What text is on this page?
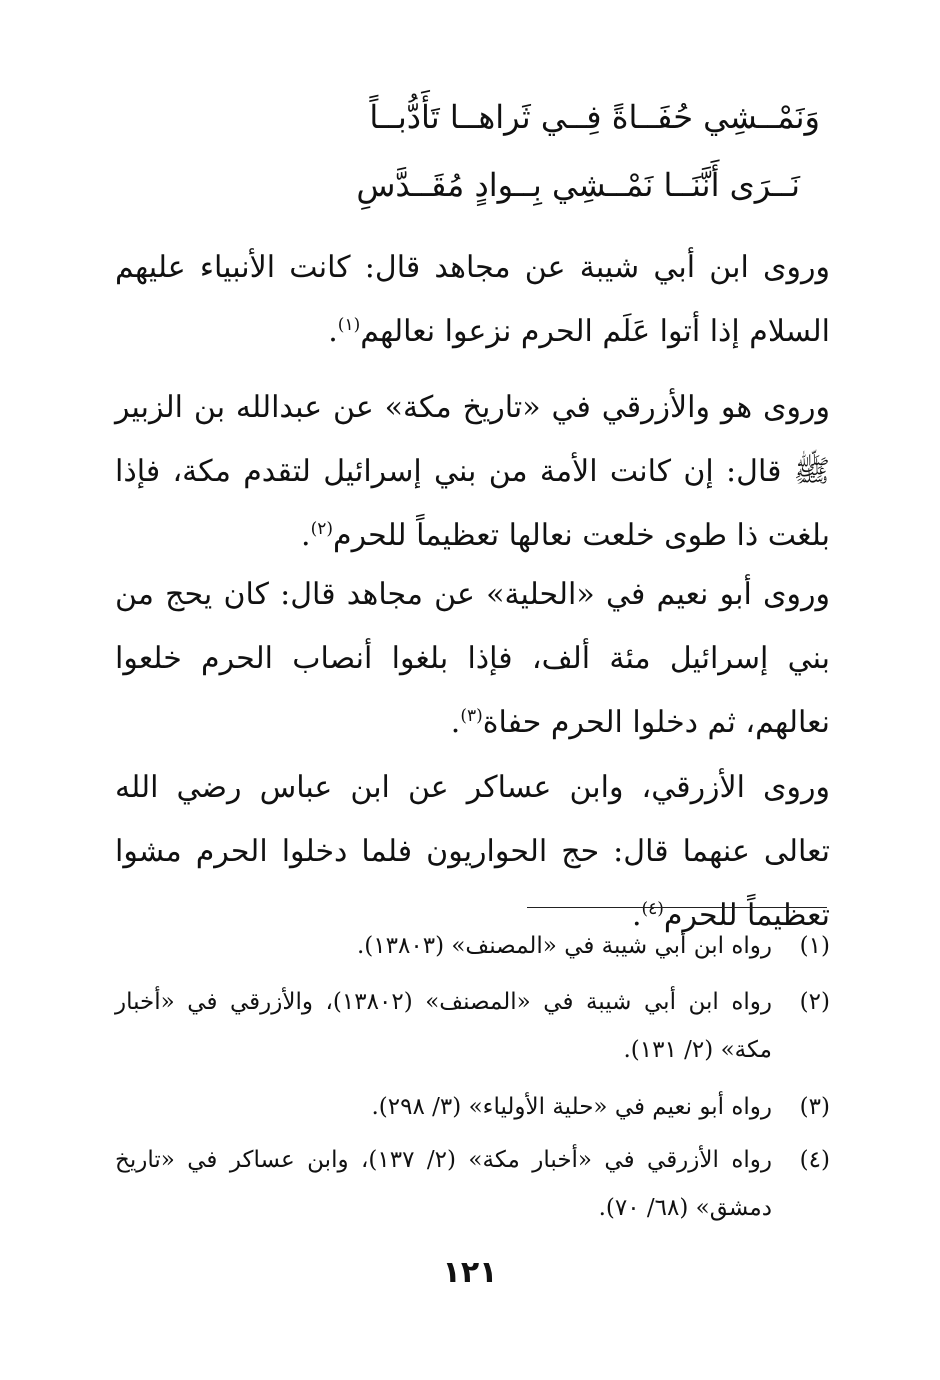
وَنَمْــشِي حُفَــاةً فِــي ثَراهــا تَأَدُّبــاً
نَــرَى أَنَّنَــا نَمْــشِي بِــوادٍ مُقَــدَّسِ

وروى ابن أبي شيبة عن مجاهد قال: كانت الأنبياء عليهم السلام إذا أتوا عَلَم الحرم نزعوا نعالهم$^{(١)}$.

وروى هو والأزرقي في «تاريخ مكة» عن عبدالله بن الزبير ﷺ قال: إن كانت الأمة من بني إسرائيل لتقدم مكة، فإذا بلغت ذا طوى خلعت نعالها تعظيماً للحرم$^{(٢)}$.

وروى أبو نعيم في «الحلية» عن مجاهد قال: كان يحج من بني إسرائيل مئة ألف، فإذا بلغوا أنصاب الحرم خلعوا نعالهم، ثم دخلوا الحرم حفاة$^{(٣)}$.

وروى الأزرقي، وابن عساكر عن ابن عباس رضي الله تعالى عنهما قال: حج الحواريون فلما دخلوا الحرم مشوا تعظيماً للحرم$^{(٤)}$.

(١)
رواه ابن أبي شيبة في «المصنف» (١٣٨٠٣).
(٢)
رواه ابن أبي شيبة في «المصنف» (١٣٨٠٢)، والأزرقي في «أخبار مكة» (٢/ ١٣١).
(٣)
رواه أبو نعيم في «حلية الأولياء» (٣/ ٢٩٨).
(٤)
رواه الأزرقي في «أخبار مكة» (٢/ ١٣٧)، وابن عساكر في «تاريخ دمشق» (٦٨/ ٧٠).
١٢١
